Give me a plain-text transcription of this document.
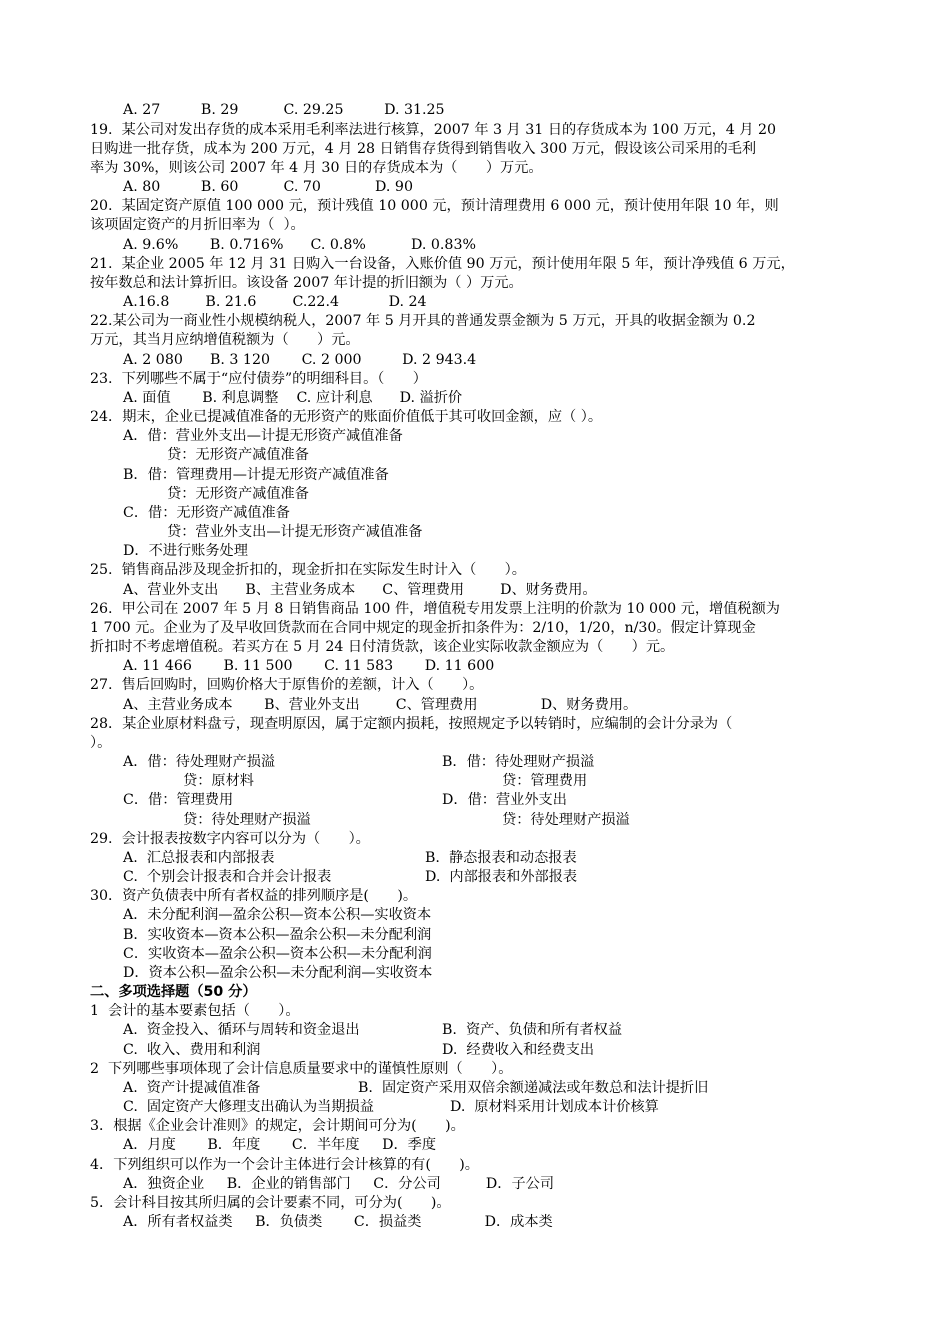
A. 27         B. 29          C. 29.25         D. 31.25
19.  某公司对发出存货的成本采用毛利率法进行核算，2007 年 3 月 31 日的存货成本为 100 万元，4 月 20
日购进一批存货，成本为 200 万元，4 月 28 日销售存货得到销售收入 300 万元，假设该公司采用的毛利
率为 30%，则该公司 2007 年 4 月 30 日的存货成本为（　　）万元。
A. 80         B. 60          C. 70            D. 90
20.  某固定资产原值 100 000 元，预计残值 10 000 元，预计清理费用 6 000 元，预计使用年限 10 年，则
该项固定资产的月折旧率为（  ）。
A. 9.6%       B. 0.716%      C. 0.8%          D. 0.83%
21.  某企业 2005 年 12 月 31 日购入一台设备，入账价值 90 万元，预计使用年限 5 年，预计净残值 6 万元，
按年数总和法计算折旧。该设备 2007 年计提的折旧额为（ ）万元。
A.16.8        B. 21.6        C.22.4           D. 24
22.某公司为一商业性小规模纳税人，2007 年 5 月开具的普通发票金额为 5 万元，开具的收据金额为 0.2
万元，其当月应纳增值税额为（　　）元。
A. 2 080      B. 3 120       C. 2 000         D. 2 943.4
23.  下列哪些不属于“应付债券”的明细科目。（　　）
A. 面值       B. 利息调整    C. 应计利息      D. 溢折价
24．期末，企业已提减值准备的无形资产的账面价值低于其可收回金额，应（ ）。
A．借：营业外支出—计提无形资产减值准备
贷：无形资产减值准备
B．借：管理费用—计提无形资产减值准备
贷：无形资产减值准备
C．借：无形资产减值准备
贷：营业外支出—计提无形资产减值准备
D．不进行账务处理
25.  销售商品涉及现金折扣的，现金折扣在实际发生时计入（　　）。
A、营业外支出      B、主营业务成本      C、管理费用        D、财务费用。
26.  甲公司在 2007 年 5 月 8 日销售商品 100 件，增值税专用发票上注明的价款为 10 000 元，增值税额为
1 700 元。企业为了及早收回货款而在合同中规定的现金折扣条件为：2/10，1/20，n/30。假定计算现金
折扣时不考虑增值税。若买方在 5 月 24 日付清货款，该企业实际收款金额应为（　　）元。
A. 11 466       B. 11 500       C. 11 583       D. 11 600
27.  售后回购时，回购价格大于原售价的差额，计入（　　）。
A、主营业务成本       B、营业外支出        C、管理费用              D、财务费用。
28．某企业原材料盘亏，现查明原因，属于定额内损耗，按照规定予以转销时，应编制的会计分录为（
）。
A．借：待处理财产损溢	B．借：待处理财产损溢
贷：原材料	贷：管理费用
C．借：管理费用	D．借：营业外支出
贷：待处理财产损溢	贷：待处理财产损溢
29.  会计报表按数字内容可以分为（　　）。
A.  汇总报表和内部报表	B.  静态报表和动态报表
C.  个别会计报表和合并会计报表	D.  内部报表和外部报表
30．资产负债表中所有者权益的排列顺序是(　　)。
A．未分配利润—盈余公积—资本公积—实收资本
B．实收资本—资本公积—盈余公积—未分配利润
C．实收资本—盈余公积—资本公积—未分配利润
D．资本公积—盈余公积—未分配利润—实收资本
二、多项选择题（50 分）
1  会计的基本要素包括（　　）。
A.  资金投入、循环与周转和资金退出	B.  资产、负债和所有者权益
C.  收入、费用和利润	D.  经费收入和经费支出
2  下列哪些事项体现了会计信息质量要求中的谨慎性原则（　　）。
A.  资产计提减值准备	B.  固定资产采用双倍余额递减法或年数总和法计提折旧
C.  固定资产大修理支出确认为当期损益	D.  原材料采用计划成本计价核算
3．根据《企业会计准则》的规定，会计期间可分为(　　)。
A．月度       B．年度       C．半年度     D．季度
4．下列组织可以作为一个会计主体进行会计核算的有(　　)。
A．独资企业     B．企业的销售部门     C．分公司          D．子公司
5．会计科目按其所归属的会计要素不同，可分为(　　)。
A．所有者权益类     B．负债类       C．损益类              D．成本类
